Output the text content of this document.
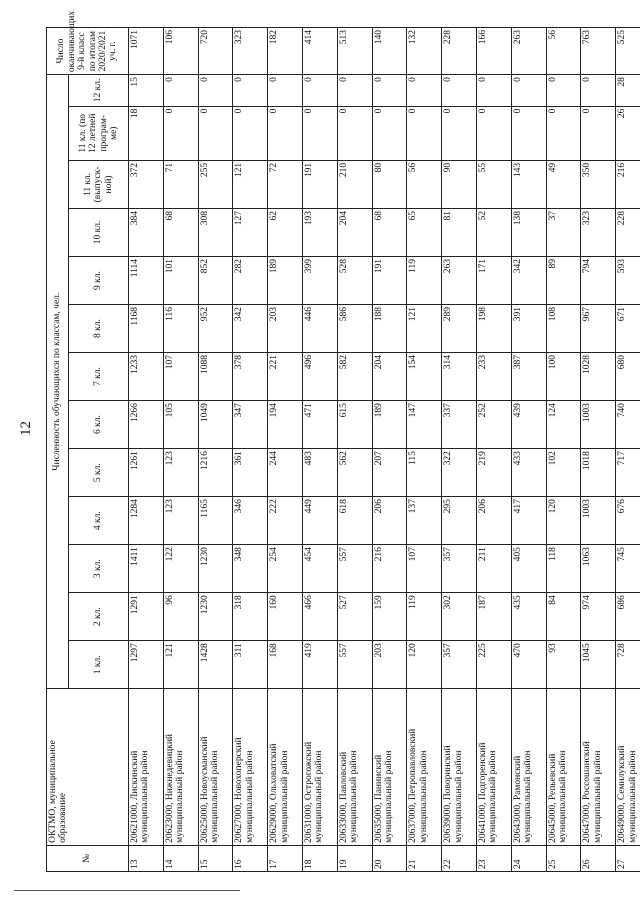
12
№	ОКТМО, муниципальное образование	Численность обучающихся по классам, чел.													Число оканчивающих 9-й класс по итогам 2020/2021 уч. г.
		1 кл.	2 кл.	3 кл.	4 кл.	5 кл.	6 кл.	7 кл.	8 кл.	9 кл.	10 кл.	11 кл. (выпуск-ной)	11 кл. (по 12 летней програм-ме)	12 кл.	
13	20621000, Лискинский муниципальный район	1297	1291	1411	1284	1261	1266	1233	1168	1114	384	372	18	15	1071
14	20623000, Нижнедевицкий муниципальный район	121	96	122	123	123	105	107	116	101	68	71	0	0	106
15	20625000, Новоусманский муниципальный район	1428	1230	1230	1165	1216	1049	1088	952	852	308	255	0	0	720
16	20627000, Новохоперский муниципальный район	311	318	348	346	361	347	378	342	282	127	121	0	0	323
17	20629000, Ольховатский муниципальный район	168	160	254	222	244	194	221	203	189	62	72	0	0	182
18	20631000, Острогожский муниципальный район	419	466	454	449	483	471	496	446	399	193	191	0	0	414
19	20633000, Павловский муниципальный район	557	527	557	618	562	615	582	586	528	204	210	0	0	513
20	20635000, Панинский муниципальный район	203	159	216	206	207	189	204	188	191	68	80	0	0	140
21	20637000, Петропавловский муниципальный район	120	119	107	137	115	147	154	121	119	65	56	0	0	132
22	20639000, Поворинский муниципальный район	357	302	357	295	322	337	314	289	263	81	90	0	0	228
23	20641000, Подгоренский муниципальный район	225	187	211	206	219	252	233	198	171	52	55	0	0	166
24	20643000, Рамонский муниципальный район	470	435	405	417	433	439	387	391	342	138	143	0	0	263
25	20645000, Репьевский муниципальный район	93	84	118	120	102	124	100	108	89	37	49	0	0	56
26	20647000, Россошанский муниципальный район	1045	974	1063	1003	1018	1003	1028	967	794	323	350	0	0	763
27	20649000, Семилукский муниципальный район	728	686	745	676	717	740	680	671	593	228	216	26	28	525
